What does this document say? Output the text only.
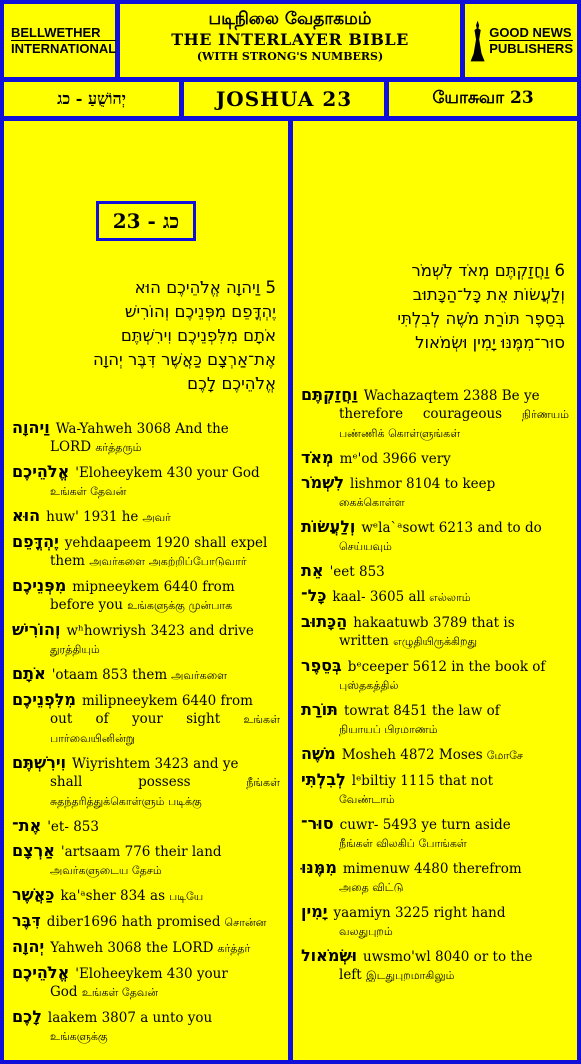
BELLWETHER
INTERNATIONAL
படிநிலை வேதாகமம்
THE INTERLAYER BIBLE
(WITH STRONG'S NUMBERS)
GOOD NEWS
PUBLISHERS
יְהוֹשֻׁעַ - כג	JOSHUA 23	யோசுவா 23
23 - כג
5 וַיהוָה אֱלֹהֵיכֶם הוּא
יֶהְדֳּפֵם מִפְּנֵיכֶם וְהוֹרִישׁ
אֹתָם מִלִּפְנֵיכֶם וִירִשְׁתֶּם
אֶת־אַרְצָם כַּאֲשֶׁר דִּבֶּר יְהוָה
אֱלֹהֵיכֶם לָכֶם
וַיהוָה Wa-Yahweh 3068 And the
LORD கர்த்தரும்
אֱלֹהֵיכֶם 'Eloheeykem 430 your God
உங்கள் தேவன்
הוּא huw' 1931 he அவர்
יֶהְדֳּפֵם yehdaapeem 1920 shall expel
them அவர்களை அகற்றிப்போடுவார்
מִפְּנֵיכֶם mipneeykem 6440 from
before you உங்களுக்கு முன்பாக
וְהוֹרִישׁ wʰhowriysh 3423 and drive
துரத்தியும்
אֹתָם 'otaam 853 them அவர்களை
מִלִּפְנֵיכֶם milipneeykem 6440 from
out of your sight உங்கள் பார்வையினின்று
וִירִשְׁתֶּם Wiyrishtem 3423 and ye
shall possess	நீங்கள் சுதந்தரித்துக்கொள்ளும் படிக்கு
אֶת־ 'et- 853
אַרְצָם 'artsaam 776 their land
அவர்களுடைய தேசம்
כַּאֲשֶׁר ka'ᵃsher 834 as படியே
דִּבֶּר diber1696 hath promised சொன்ன
יְהוָה Yahweh 3068 the LORD கர்த்தர்
אֱלֹהֵיכֶם 'Eloheeykem 430 your
God உங்கள் தேவன்
לָכֶם laakem 3807 a unto you
உங்களுக்கு
6 וַחֲזַקְתֶּם מְאֹד לִשְׁמֹר
וְלַעֲשׂוֹת אֵת כָּל־הַכָּתוּב
בְּסֵפֶר תּוֹרַת מֹשֶׁה לְבִלְתִּי
סוּר־מִמֶּנּוּ יָמִין וּשְׂמֹאול
וַחֲזַקְתֶּם Wachazaqtem 2388 Be ye
therefore courageous நிர்ணயம் பண்ணிக் கொள்ளுங்கள்
מְאֹד mᵉ'od 3966 very
לִשְׁמֹר lishmor 8104 to keep
கைக்கொள்ள
וְלַעֲשׂוֹת wᵉla`ᵃsowt 6213 and to do
செய்யவும்
אֵת 'eet 853
כָּל־ kaal- 3605 all எல்லாம்
הַכָּתוּב hakaatuwb 3789 that is
written எழுதியிருக்கிறது
בְּסֵפֶר bᵉceeper 5612 in the book of
புஸ்தகத்தில்
תּוֹרַת towrat 8451 the law of
நியாயப் பிரமாணம்
מֹשֶׁה Mosheh 4872 Moses மோசே
לְבִלְתִּי lᵉbiltiy 1115 that not
வேண்டாம்
סוּר־ cuwr- 5493 ye turn aside
நீங்கள் விலகிப் போங்கள்
מִמֶּנּוּ mimenuw 4480 therefrom
அதை விட்டு
יָמִין yaamiyn 3225 right hand
வலதுபுறம்
וּשְׂמֹאול uwsmo'wl 8040 or to the
left இடதுபுறமாகிலும்
